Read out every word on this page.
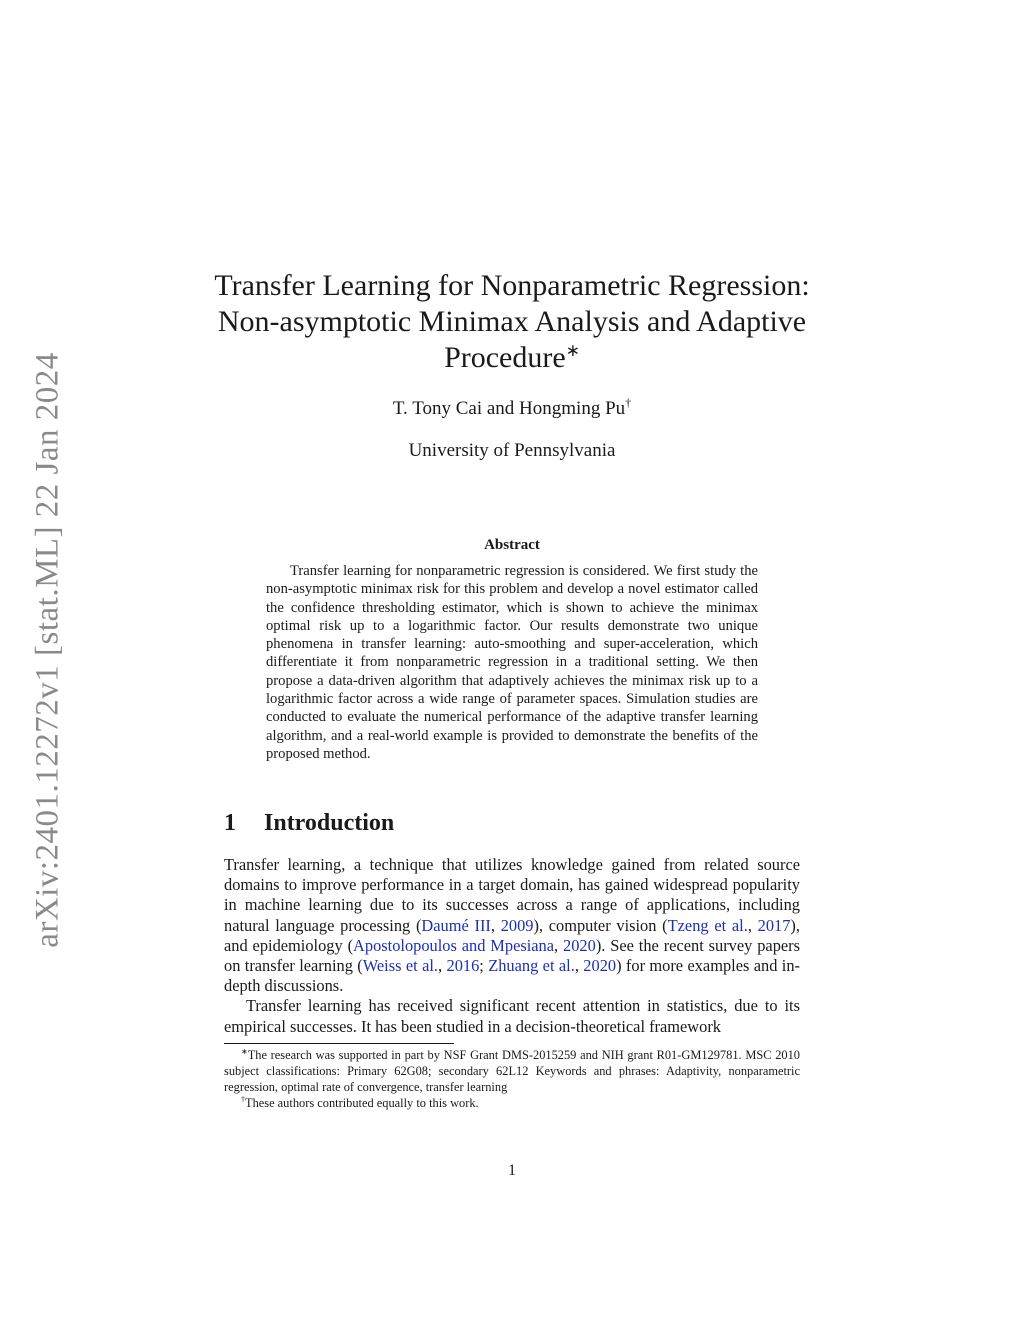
arXiv:2401.12272v1 [stat.ML] 22 Jan 2024
Transfer Learning for Nonparametric Regression:
Non-asymptotic Minimax Analysis and Adaptive
Procedure∗
T. Tony Cai and Hongming Pu†
University of Pennsylvania
Abstract
Transfer learning for nonparametric regression is considered. We first study the non-asymptotic minimax risk for this problem and develop a novel estimator called the confidence thresholding estimator, which is shown to achieve the minimax optimal risk up to a logarithmic factor. Our results demonstrate two unique phenomena in transfer learning: auto-smoothing and super-acceleration, which differentiate it from nonparametric regression in a traditional setting. We then propose a data-driven algorithm that adaptively achieves the minimax risk up to a logarithmic factor across a wide range of parameter spaces. Simulation studies are conducted to evaluate the numerical performance of the adaptive transfer learning algorithm, and a real-world example is provided to demonstrate the benefits of the proposed method.
1 Introduction

Transfer learning, a technique that utilizes knowledge gained from related source domains to improve performance in a target domain, has gained widespread popularity in machine learning due to its successes across a range of applications, including natural language processing (Daumé III, 2009), computer vision (Tzeng et al., 2017), and epidemiology (Apostolopoulos and Mpesiana, 2020). See the recent survey papers on transfer learning (Weiss et al., 2016; Zhuang et al., 2020) for more examples and in-depth discussions.

Transfer learning has received significant recent attention in statistics, due to its empirical successes. It has been studied in a decision-theoretical framework

∗The research was supported in part by NSF Grant DMS-2015259 and NIH grant R01-GM129781. MSC 2010 subject classifications: Primary 62G08; secondary 62L12 Keywords and phrases: Adaptivity, nonparametric regression, optimal rate of convergence, transfer learning

†These authors contributed equally to this work.

1
